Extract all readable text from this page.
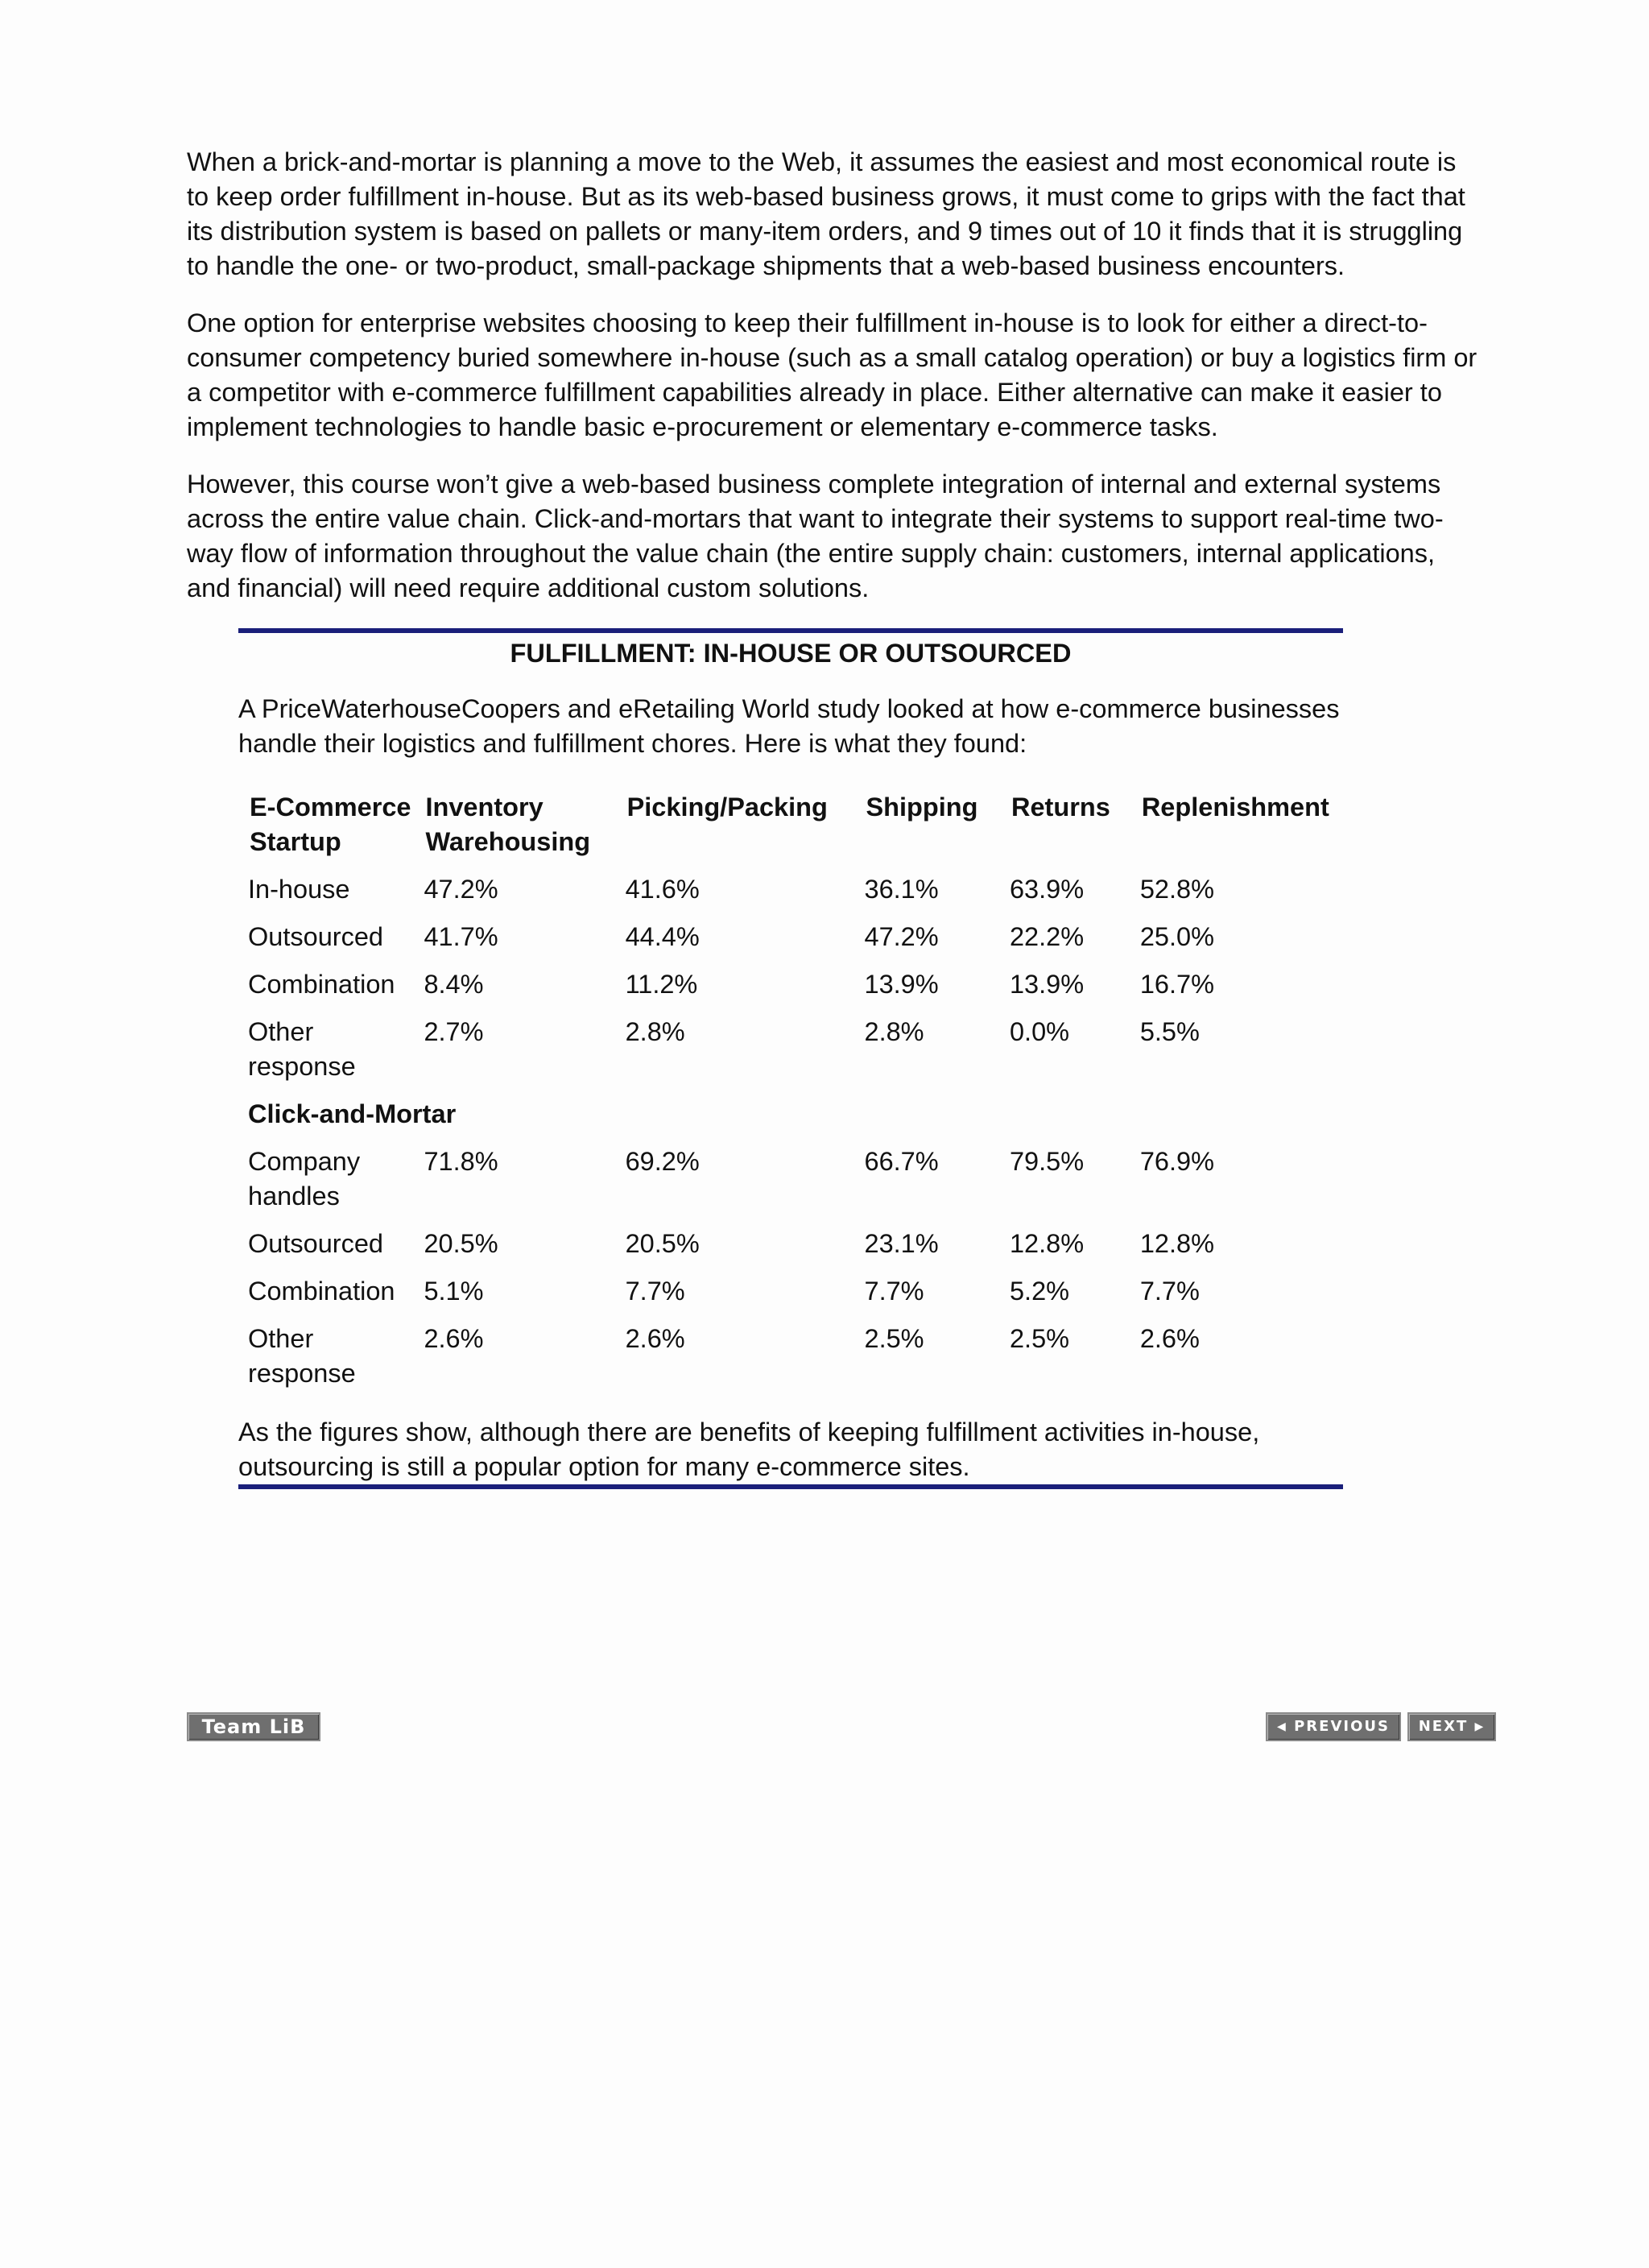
When a brick-and-mortar is planning a move to the Web, it assumes the easiest and most economical route is to keep order fulfillment in-house. But as its web-based business grows, it must come to grips with the fact that its distribution system is based on pallets or many-item orders, and 9 times out of 10 it finds that it is struggling to handle the one- or two-product, small-package shipments that a web-based business encounters.

One option for enterprise websites choosing to keep their fulfillment in-house is to look for either a direct-to-consumer competency buried somewhere in-house (such as a small catalog operation) or buy a logistics firm or a competitor with e-commerce fulfillment capabilities already in place. Either alternative can make it easier to implement technologies to handle basic e-procurement or elementary e-commerce tasks.

However, this course won’t give a web-based business complete integration of internal and external systems across the entire value chain. Click-and-mortars that want to integrate their systems to support real-time two-way flow of information throughout the value chain (the entire supply chain: customers, internal applications, and financial) will need require additional custom solutions.

FULFILLMENT: IN-HOUSE OR OUTSOURCED

A PriceWaterhouseCoopers and eRetailing World study looked at how e-commerce businesses handle their logistics and fulfillment chores. Here is what they found:

E-Commerce Startup	Inventory Warehousing	Picking/Packing	Shipping	Returns	Replenishment
In-house	47.2%	41.6%	36.1%	63.9%	52.8%
Outsourced	41.7%	44.4%	47.2%	22.2%	25.0%
Combination	8.4%	11.2%	13.9%	13.9%	16.7%
Other response	2.7%	2.8%	2.8%	0.0%	5.5%
Click-and-Mortar					
Company handles	71.8%	69.2%	66.7%	79.5%	76.9%
Outsourced	20.5%	20.5%	23.1%	12.8%	12.8%
Combination	5.1%	7.7%	7.7%	5.2%	7.7%
Other response	2.6%	2.6%	2.5%	2.5%	2.6%

As the figures show, although there are benefits of keeping fulfillment activities in-house, outsourcing is still a popular option for many e-commerce sites.

Team LiB	◀ PREVIOUS	NEXT ▶
